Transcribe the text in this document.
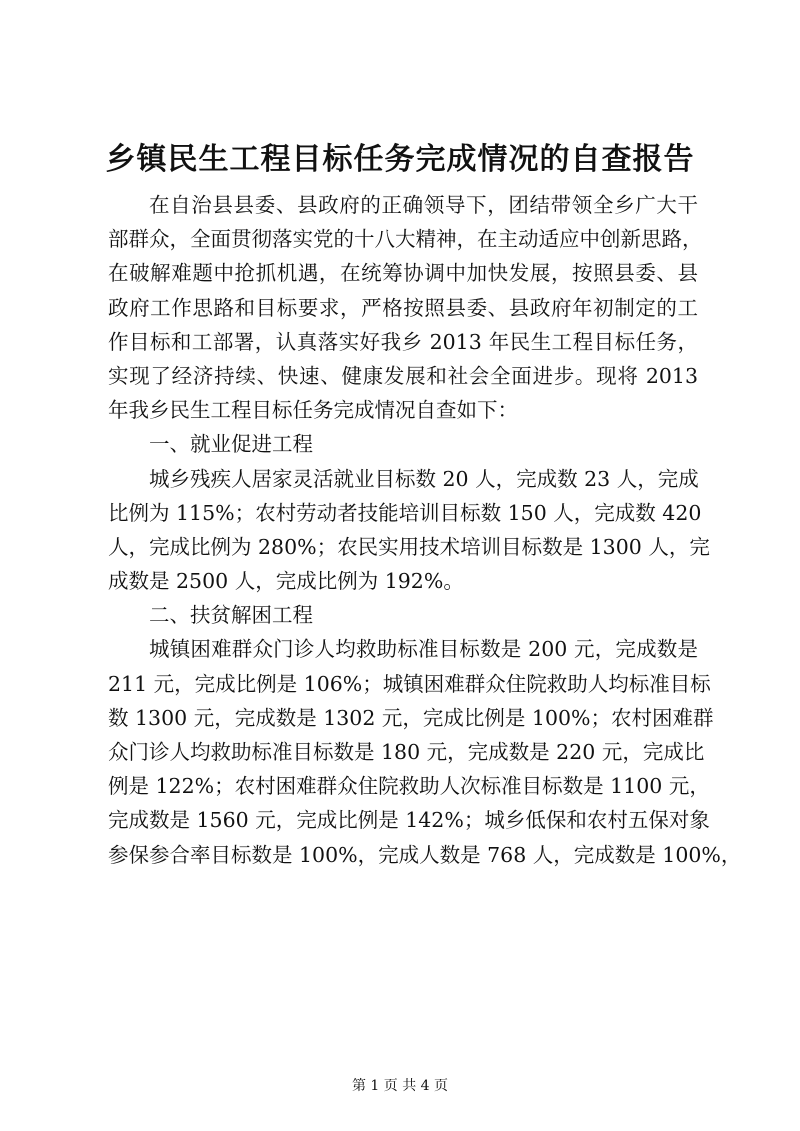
乡镇民生工程目标任务完成情况的自查报告
在自治县县委、县政府的正确领导下，团结带领全乡广大干
部群众，全面贯彻落实党的十八大精神，在主动适应中创新思路，
在破解难题中抢抓机遇，在统筹协调中加快发展，按照县委、县
政府工作思路和目标要求，严格按照县委、县政府年初制定的工
作目标和工部署，认真落实好我乡 2013 年民生工程目标任务，
实现了经济持续、快速、健康发展和社会全面进步。现将 2013
年我乡民生工程目标任务完成情况自查如下：
一、就业促进工程
城乡残疾人居家灵活就业目标数 20 人，完成数 23 人，完成
比例为 115%；农村劳动者技能培训目标数 150 人，完成数 420
人，完成比例为 280%；农民实用技术培训目标数是 1300 人，完
成数是 2500 人，完成比例为 192%。
二、扶贫解困工程
城镇困难群众门诊人均救助标准目标数是 200 元，完成数是
211 元，完成比例是 106%；城镇困难群众住院救助人均标准目标
数 1300 元，完成数是 1302 元，完成比例是 100%；农村困难群
众门诊人均救助标准目标数是 180 元，完成数是 220 元，完成比
例是 122%；农村困难群众住院救助人次标准目标数是 1100 元，
完成数是 1560 元，完成比例是 142%；城乡低保和农村五保对象
参保参合率目标数是 100%，完成人数是 768 人，完成数是 100%，
第 1 页 共 4 页
